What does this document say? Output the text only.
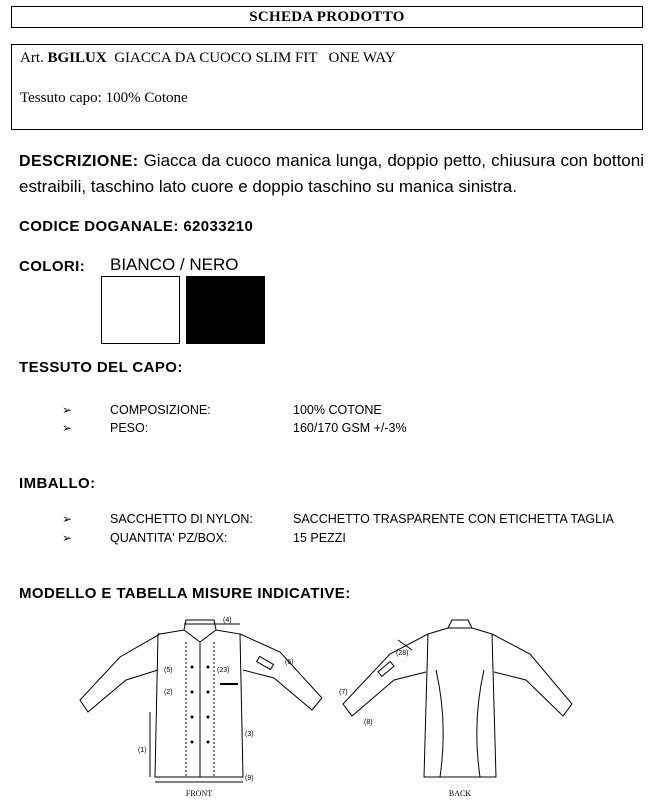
SCHEDA PRODOTTO
Art. BGILUX GIACCA DA CUOCO SLIM FIT   ONE WAY
Tessuto capo: 100% Cotone
DESCRIZIONE: Giacca da cuoco manica lunga, doppio petto, chiusura con bottoni estraibili, taschino lato cuore e doppio taschino su manica sinistra.
CODICE DOGANALE: 62033210
COLORI: BIANCO / NERO
TESSUTO DEL CAPO:
➢	COMPOSIZIONE:	100% COTONE
➢	PESO:	160/170 GSM +/-3%
IMBALLO:
➢	SACCHETTO DI NYLON:	SACCHETTO TRASPARENTE CON ETICHETTA TAGLIA
➢	QUANTITA' PZ/BOX:	15 PEZZI
MODELLO E TABELLA MISURE INDICATIVE:
(4)
(5)
(6)
(2)
(23)
(3)
(1)
(9)
FRONT
(28)
(7)
(8)
BACK
